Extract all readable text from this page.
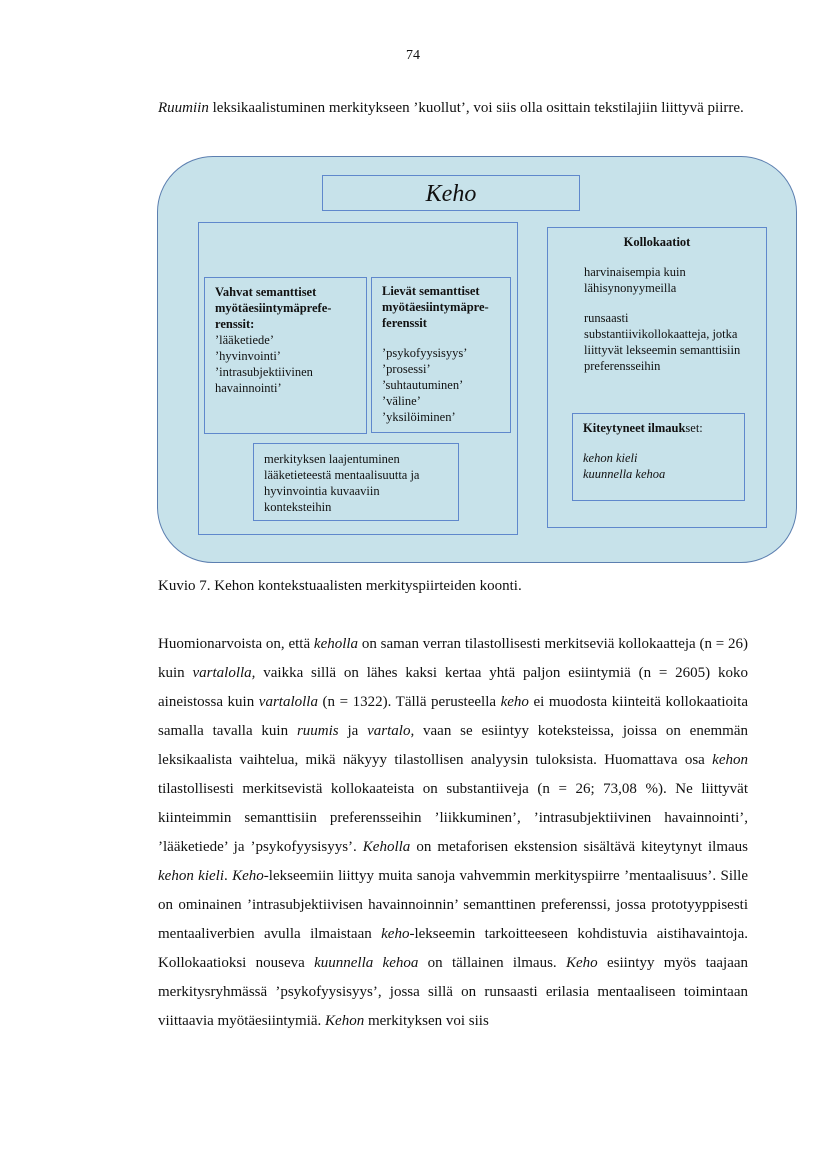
74

Ruumiin leksikaalistuminen merkitykseen ’kuollut’, voi siis olla osittain tekstilajiin liittyvä piirre.

Keho
Vahvat semanttiset myötäesiintymäprefe-renssit:
’lääketiede’
’hyvinvointi’
’intrasubjektiivinen havainnointi’
Lievät semanttiset myötäesiintymäpre-ferenssit
’psykofyysisyys’
’prosessi’
’suhtautuminen’
’väline’
’yksilöiminen’
merkityksen laajentuminen lääketieteestä mentaalisuutta ja hyvinvointia kuvaaviin konteksteihin
Kollokaatiot
harvinaisempia kuin lähisynonyymeilla
runsaasti substantiivikollokaatteja, jotka liittyvät lekseemin semanttisiin preferensseihin
Kiteytyneet ilmaukset:
kehon kieli
kuunnella kehoa
Kuvio 7. Kehon kontekstuaalisten merkityspiirteiden koonti.

Huomionarvoista on, että keholla on saman verran tilastollisesti merkitseviä kollokaatteja (n = 26) kuin vartalolla, vaikka sillä on lähes kaksi kertaa yhtä paljon esiintymiä (n = 2605) koko aineistossa kuin vartalolla (n = 1322). Tällä perusteella keho ei muodosta kiinteitä kollokaatioita samalla tavalla kuin ruumis ja vartalo, vaan se esiintyy koteksteissa, joissa on enemmän leksikaalista vaihtelua, mikä näkyyy tilastollisen analyysin tuloksista. Huomattava osa kehon tilastollisesti merkitsevistä kollokaateista on substantiiveja (n = 26; 73,08 %). Ne liittyvät kiinteimmin semanttisiin preferensseihin ’liikkuminen’, ’intrasubjektiivinen havainnointi’, ’lääketiede’ ja ’psykofyysisyys’. Keholla on metaforisen ekstension sisältävä kiteytynyt ilmaus kehon kieli. Keho-lekseemiin liittyy muita sanoja vahvemmin merkityspiirre ’mentaalisuus’. Sille on ominainen ’intrasubjektiivisen havainnoinnin’ semanttinen preferenssi, jossa prototyyppisesti mentaaliverbien avulla ilmaistaan keho-lekseemin tarkoitteeseen kohdistuvia aistihavaintoja. Kollokaatioksi nouseva kuunnella kehoa on tällainen ilmaus. Keho esiintyy myös taajaan merkitysryhmässä ’psykofyysisyys’, jossa sillä on runsaasti erilasia mentaaliseen toimintaan viittaavia myötäesiintymiä. Kehon merkityksen voi siis
